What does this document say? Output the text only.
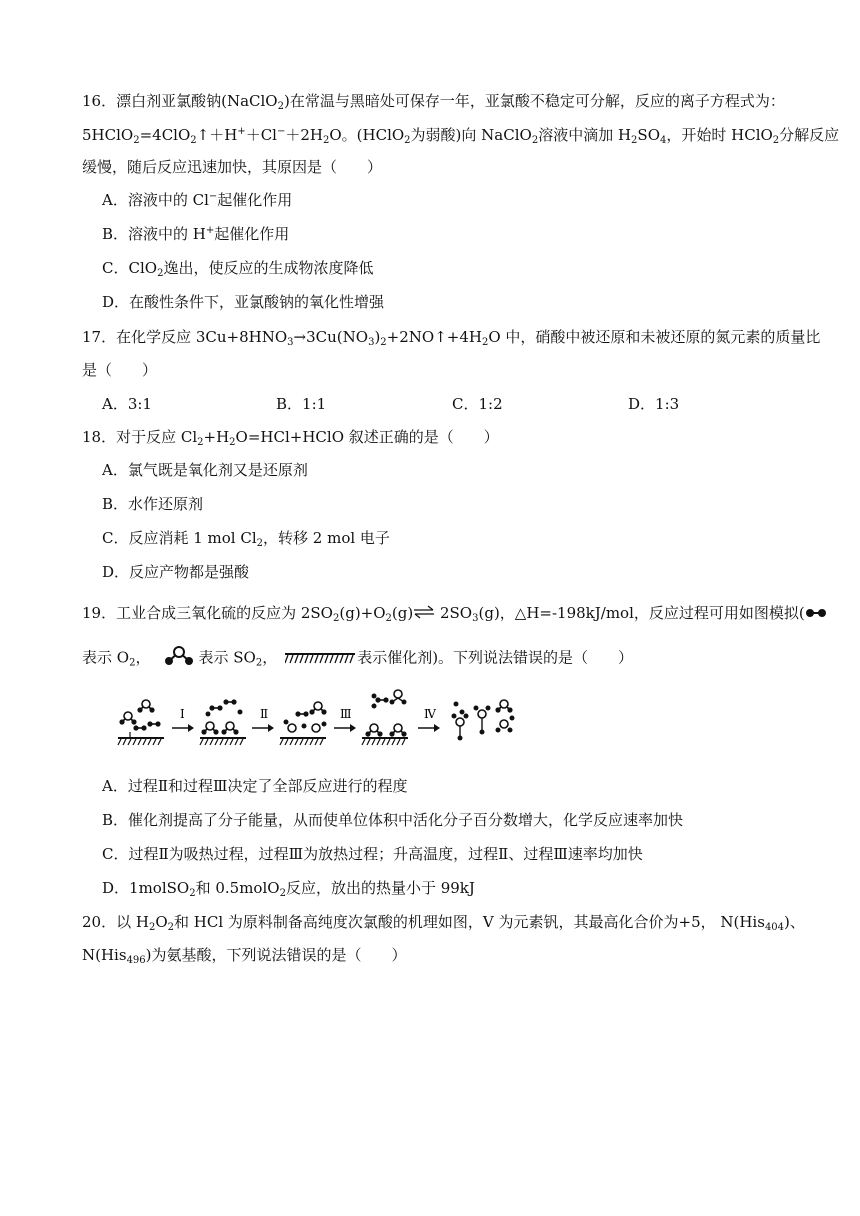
16．漂白剂亚氯酸钠(NaClO$_2$)在常温与黑暗处可保存一年，亚氯酸不稳定可分解，反应的离子方程式为：
$5HClO_2=4ClO_2↑+H^++Cl^-+2H_2O$。(HClO$_2$为弱酸)向 NaClO$_2$溶液中滴加 $H_2SO_4$，开始时 HClO$_2$分解反应
缓慢，随后反应迅速加快，其原因是（　　）
A．溶液中的 Cl−起催化作用
B．溶液中的 H+起催化作用
C．ClO$_2$逸出，使反应的生成物浓度降低
D．在酸性条件下，亚氯酸钠的氧化性增强
17．在化学反应 $3Cu+8HNO_3\to 3Cu(NO_3)_2+2NO↑+4H_2O$ 中，硝酸中被还原和未被还原的氮元素的质量比
是（　　）
A．3:1	B．1:1	C．1:2	D．1:3
18．对于反应 $Cl_2+H_2O=HCl+HClO$ 叙述正确的是（　　）
A．氯气既是氧化剂又是还原剂
B．水作还原剂
C．反应消耗 1 mol $Cl_2$，转移 2 mol 电子
D．反应产物都是强酸
19．工业合成三氧化硫的反应为 $2SO_2(g)+O_2(g)\rightleftharpoons$ $2SO_3(g)$，△H=-198kJ/mol，反应过程可用如图模拟(
表示 $O_2$，	表示 $SO_2$，	表示催化剂)。下列说法错误的是（　　）
Ⅰ	Ⅱ	Ⅲ	Ⅳ
A．过程Ⅱ和过程Ⅲ决定了全部反应进行的程度
B．催化剂提高了分子能量，从而使单位体积中活化分子百分数增大，化学反应速率加快
C．过程Ⅱ为吸热过程，过程Ⅲ为放热过程；升高温度，过程Ⅱ、过程Ⅲ速率均加快
D．1molSO$_2$和 0.5molO$_2$反应，放出的热量小于 99kJ
20．以 $H_2O_2$和 HCl 为原料制备高纯度次氯酸的机理如图，V 为元素钒，其最高化合价为+5， N(His$_{404}$)、
N(His$_{496}$)为氨基酸，下列说法错误的是（　　）
